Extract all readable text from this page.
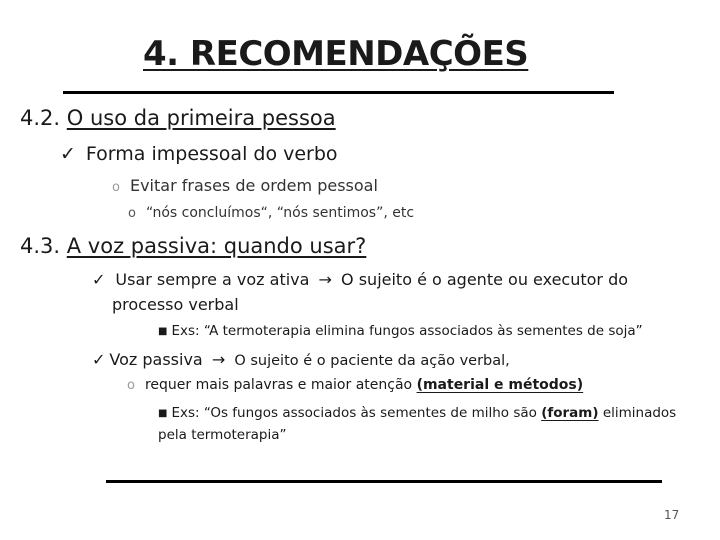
4. RECOMENDAÇÕES
4.2. O uso da primeira pessoa
✓ Forma impessoal do verbo
o Evitar frases de ordem pessoal
o “nós concluímos“, “nós sentimos”, etc
4.3. A voz passiva: quando usar?
✓ Usar sempre a voz ativa → O sujeito é o agente ou executor do
processo verbal
■ Exs: “A termoterapia elimina fungos associados às sementes de soja”
✓ Voz passiva → O sujeito é o paciente da ação verbal,
o requer mais palavras e maior atenção (material e métodos)
■ Exs: “Os fungos associados às sementes de milho são (foram) eliminados
pela termoterapia”
17
